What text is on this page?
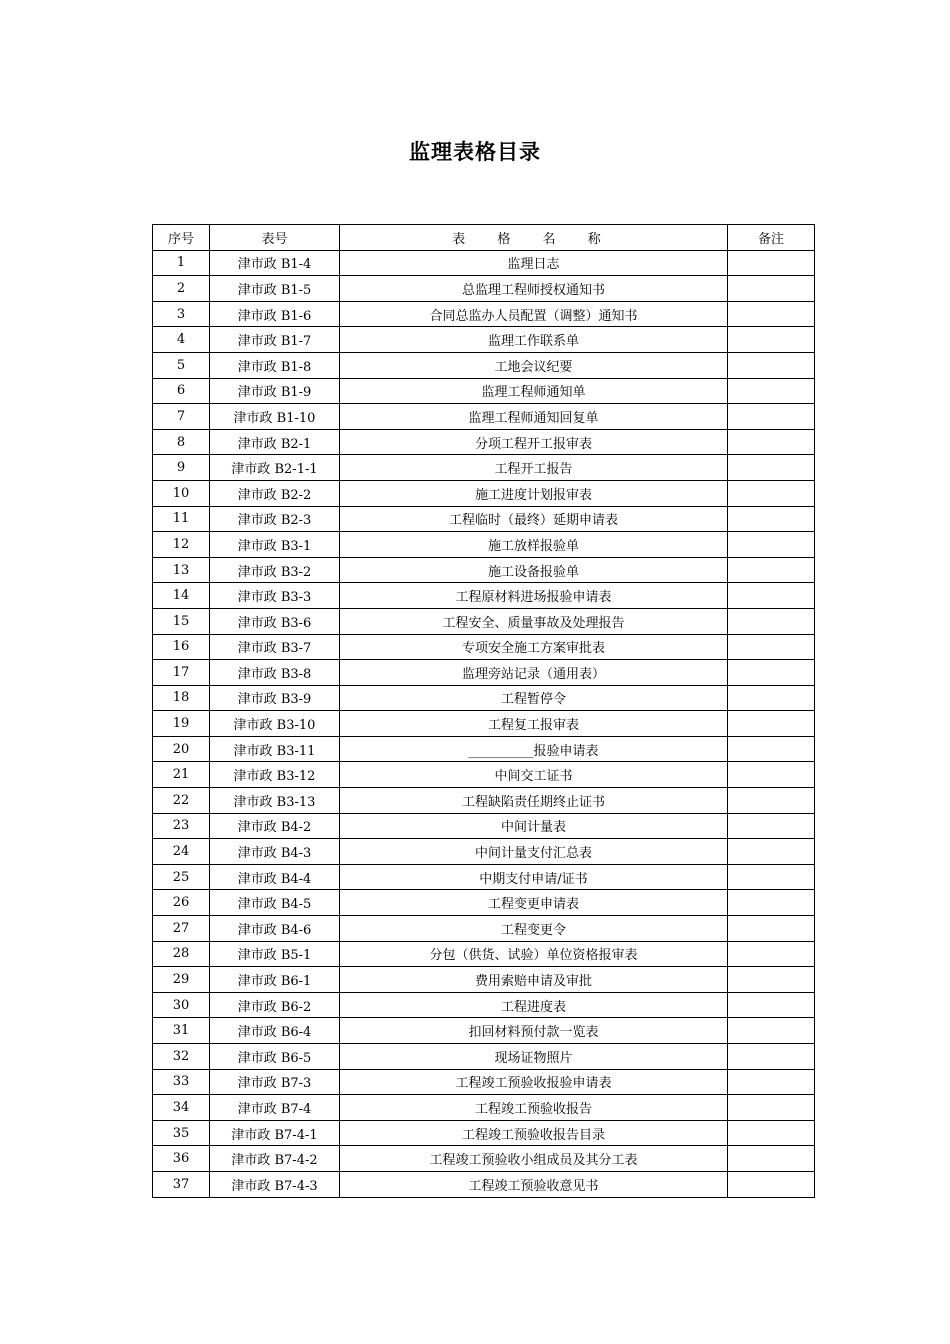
监理表格目录
序号	表号	表 格 名 称	备注
1	津市政 B1-4	监理日志	
2	津市政 B1-5	总监理工程师授权通知书	
3	津市政 B1-6	合同总监办人员配置（调整）通知书	
4	津市政 B1-7	监理工作联系单	
5	津市政 B1-8	工地会议纪要	
6	津市政 B1-9	监理工程师通知单	
7	津市政 B1-10	监理工程师通知回复单	
8	津市政 B2-1	分项工程开工报审表	
9	津市政 B2-1-1	工程开工报告	
10	津市政 B2-2	施工进度计划报审表	
11	津市政 B2-3	工程临时（最终）延期申请表	
12	津市政 B3-1	施工放样报验单	
13	津市政 B3-2	施工设备报验单	
14	津市政 B3-3	工程原材料进场报验申请表	
15	津市政 B3-6	工程安全、质量事故及处理报告	
16	津市政 B3-7	专项安全施工方案审批表	
17	津市政 B3-8	监理旁站记录（通用表）	
18	津市政 B3-9	工程暂停令	
19	津市政 B3-10	工程复工报审表	
20	津市政 B3-11	__________报验申请表	
21	津市政 B3-12	中间交工证书	
22	津市政 B3-13	工程缺陷责任期终止证书	
23	津市政 B4-2	中间计量表	
24	津市政 B4-3	中间计量支付汇总表	
25	津市政 B4-4	中期支付申请/证书	
26	津市政 B4-5	工程变更申请表	
27	津市政 B4-6	工程变更令	
28	津市政 B5-1	分包（供货、试验）单位资格报审表	
29	津市政 B6-1	费用索赔申请及审批	
30	津市政 B6-2	工程进度表	
31	津市政 B6-4	扣回材料预付款一览表	
32	津市政 B6-5	现场证物照片	
33	津市政 B7-3	工程竣工预验收报验申请表	
34	津市政 B7-4	工程竣工预验收报告	
35	津市政 B7-4-1	工程竣工预验收报告目录	
36	津市政 B7-4-2	工程竣工预验收小组成员及其分工表	
37	津市政 B7-4-3	工程竣工预验收意见书	
